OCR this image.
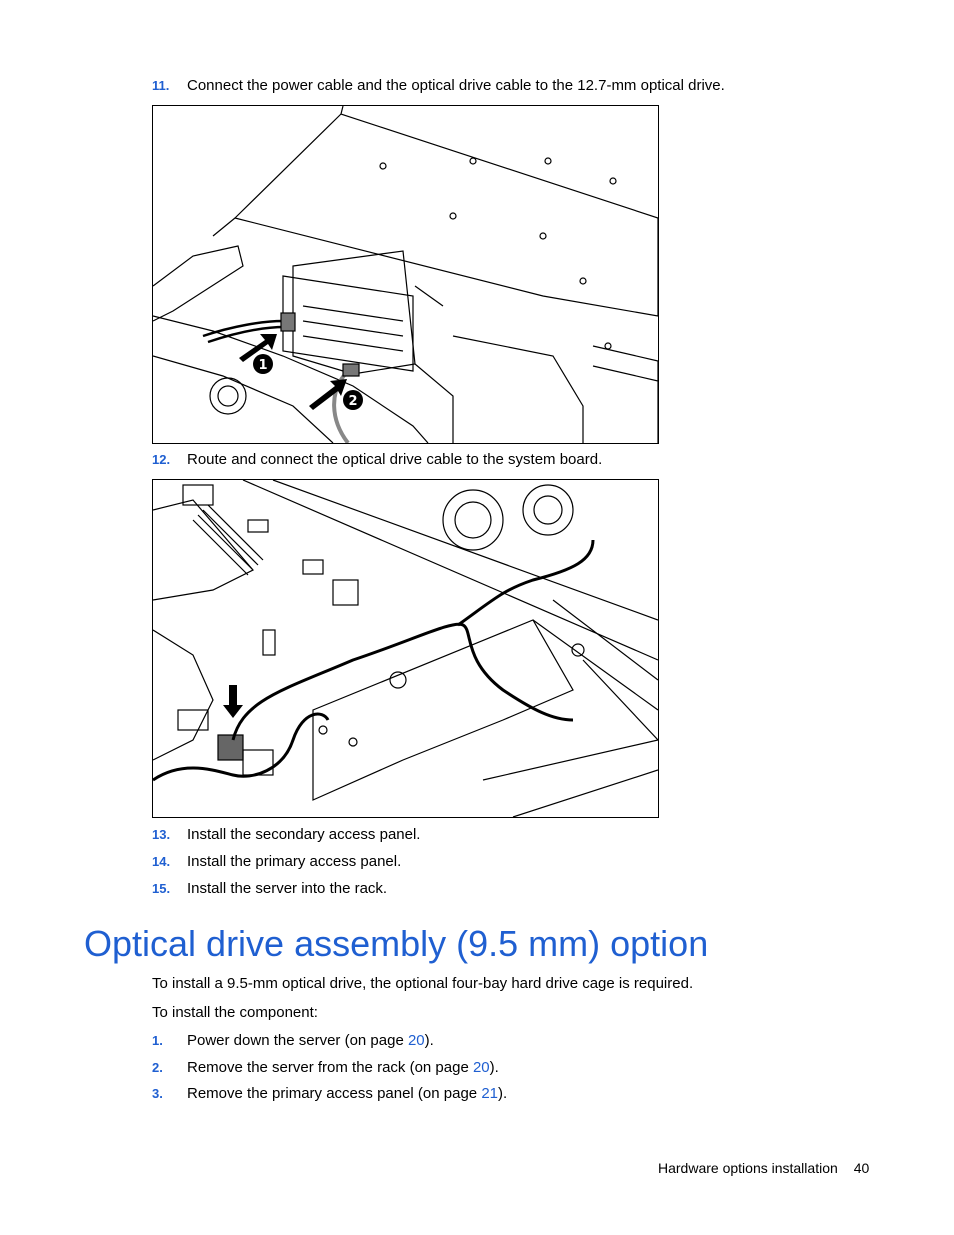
11. Connect the power cable and the optical drive cable to the 12.7-mm optical drive.
1
2
12. Route and connect the optical drive cable to the system board.
13. Install the secondary access panel.
14. Install the primary access panel.
15. Install the server into the rack.
Optical drive assembly (9.5 mm) option
To install a 9.5-mm optical drive, the optional four-bay hard drive cage is required.
To install the component:
1. Power down the server (on page 20).
2. Remove the server from the rack (on page 20).
3. Remove the primary access panel (on page 21).
Hardware options installation 40
